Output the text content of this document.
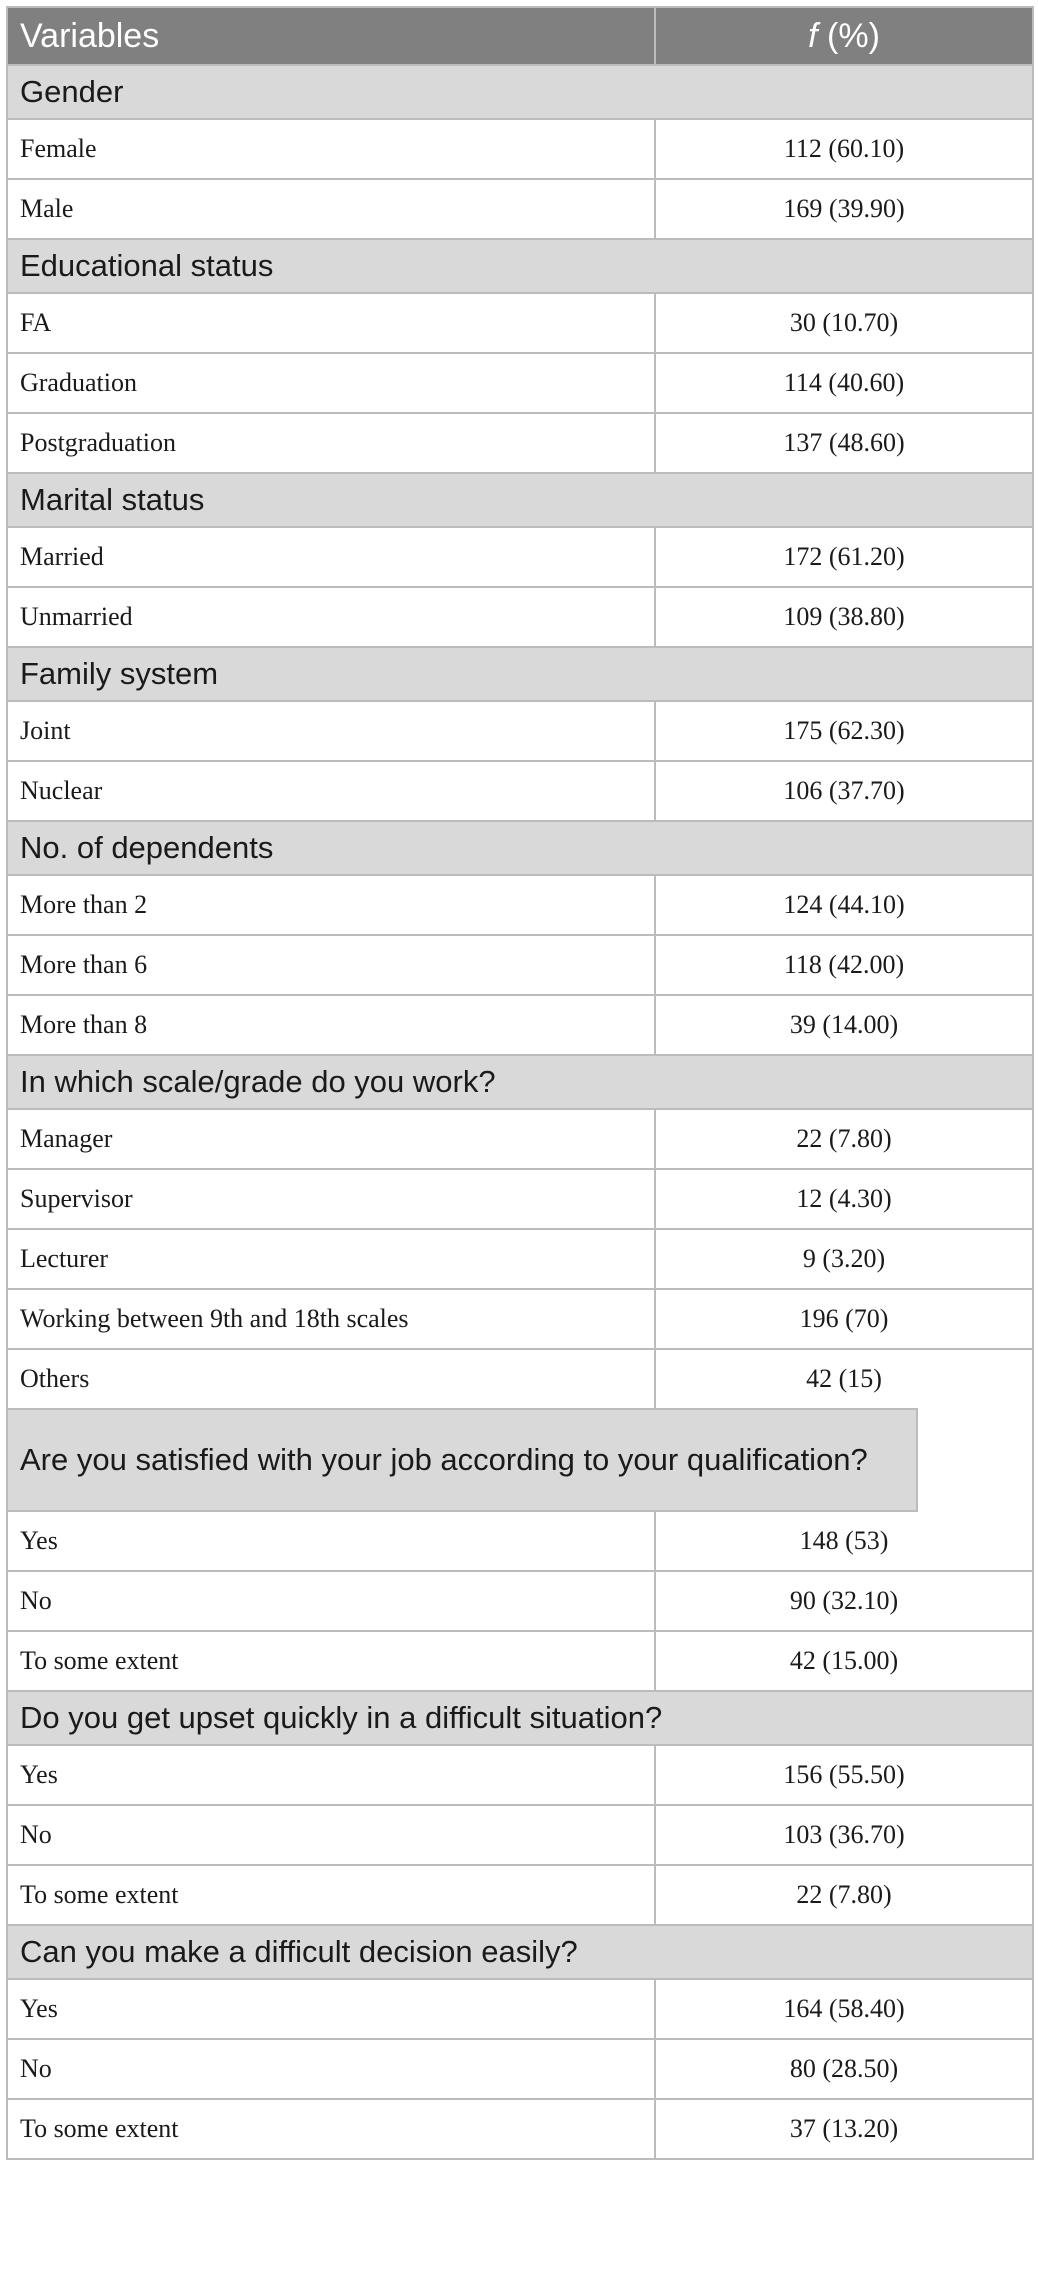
Variables	f (%)
Gender	
Female	112 (60.10)
Male	169 (39.90)
Educational status	
FA	30 (10.70)
Graduation	114 (40.60)
Postgraduation	137 (48.60)
Marital status	
Married	172 (61.20)
Unmarried	109 (38.80)
Family system	
Joint	175 (62.30)
Nuclear	106 (37.70)
No. of dependents	
More than 2	124 (44.10)
More than 6	118 (42.00)
More than 8	39 (14.00)
In which scale/grade do you work?	
Manager	22 (7.80)
Supervisor	12 (4.30)
Lecturer	9 (3.20)
Working between 9th and 18th scales	196 (70)
Others	42 (15)

Are you satisfied with your job according to your qualification?	

Yes	148 (53)
No	90 (32.10)
To some extent	42 (15.00)
Do you get upset quickly in a difficult situation?	
Yes	156 (55.50)
No	103 (36.70)
To some extent	22 (7.80)
Can you make a difficult decision easily?	
Yes	164 (58.40)
No	80 (28.50)
To some extent	37 (13.20)
